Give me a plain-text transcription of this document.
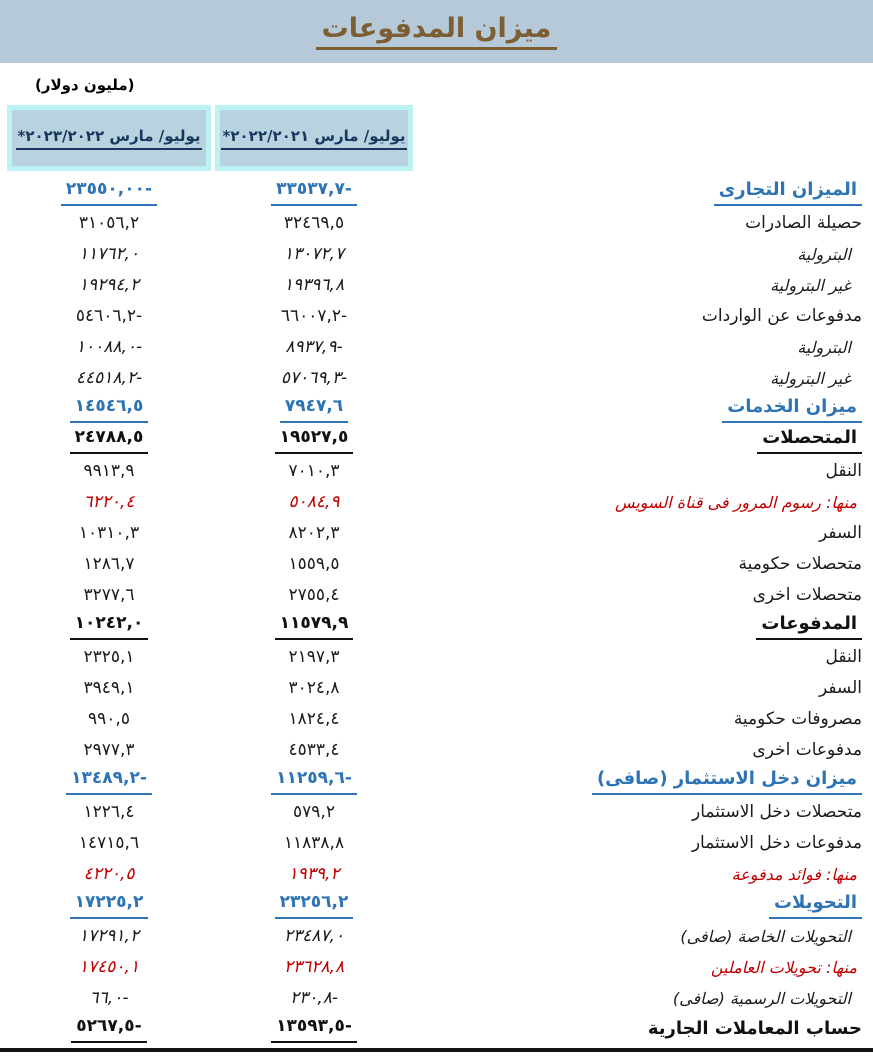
ميزان المدفوعات
(مليون دولار)
يوليو/ مارس ٢٠٢٢/٢٠٢١*
يوليو/ مارس ٢٠٢٣/٢٠٢٢*
الميزان التجارى
٣٣٥٣٧,٧-
٢٣٥٥٠,٠٠-
حصيلة الصادرات
٣٢٤٦٩,٥
٣١٠٥٦,٢
البترولية
١٣٠٧٢,٧
١١٧٦٢,٠
غير البترولية
١٩٣٩٦,٨
١٩٢٩٤,٢
مدفوعات عن الواردات
٦٦٠٠٧,٢-
٥٤٦٠٦,٢-
البترولية
٨٩٣٧,٩-
١٠٠٨٨,٠-
غير البترولية
٥٧٠٦٩,٣-
٤٤٥١٨,٢-
ميزان الخدمات
٧٩٤٧,٦
١٤٥٤٦,٥
المتحصلات
١٩٥٢٧,٥
٢٤٧٨٨,٥
النقل
٧٠١٠,٣
٩٩١٣,٩
منها: رسوم المرور فى قناة السويس
٥٠٨٤,٩
٦٢٢٠,٤
السفر
٨٢٠٢,٣
١٠٣١٠,٣
متحصلات حكومية
١٥٥٩,٥
١٢٨٦,٧
متحصلات اخرى
٢٧٥٥,٤
٣٢٧٧,٦
المدفوعات
١١٥٧٩,٩
١٠٢٤٢,٠
النقل
٢١٩٧,٣
٢٣٢٥,١
السفر
٣٠٢٤,٨
٣٩٤٩,١
مصروفات حكومية
١٨٢٤,٤
٩٩٠,٥
مدفوعات اخرى
٤٥٣٣,٤
٢٩٧٧,٣
ميزان دخل الاستثمار (صافى)
١١٢٥٩,٦-
١٣٤٨٩,٢-
متحصلات دخل الاستثمار
٥٧٩,٢
١٢٢٦,٤
مدفوعات دخل الاستثمار
١١٨٣٨,٨
١٤٧١٥,٦
منها: فوائد مدفوعة
١٩٣٩,٢
٤٢٢٠,٥
التحويلات
٢٣٢٥٦,٢
١٧٢٢٥,٢
التحويلات الخاصة (صافى)
٢٣٤٨٧,٠
١٧٢٩١,٢
منها: تحويلات العاملين
٢٣٦٢٨,٨
١٧٤٥٠,١
التحويلات الرسمية (صافى)
٢٣٠,٨-
٦٦,٠-
حساب المعاملات الجارية
١٣٥٩٣,٥-
٥٢٦٧,٥-
